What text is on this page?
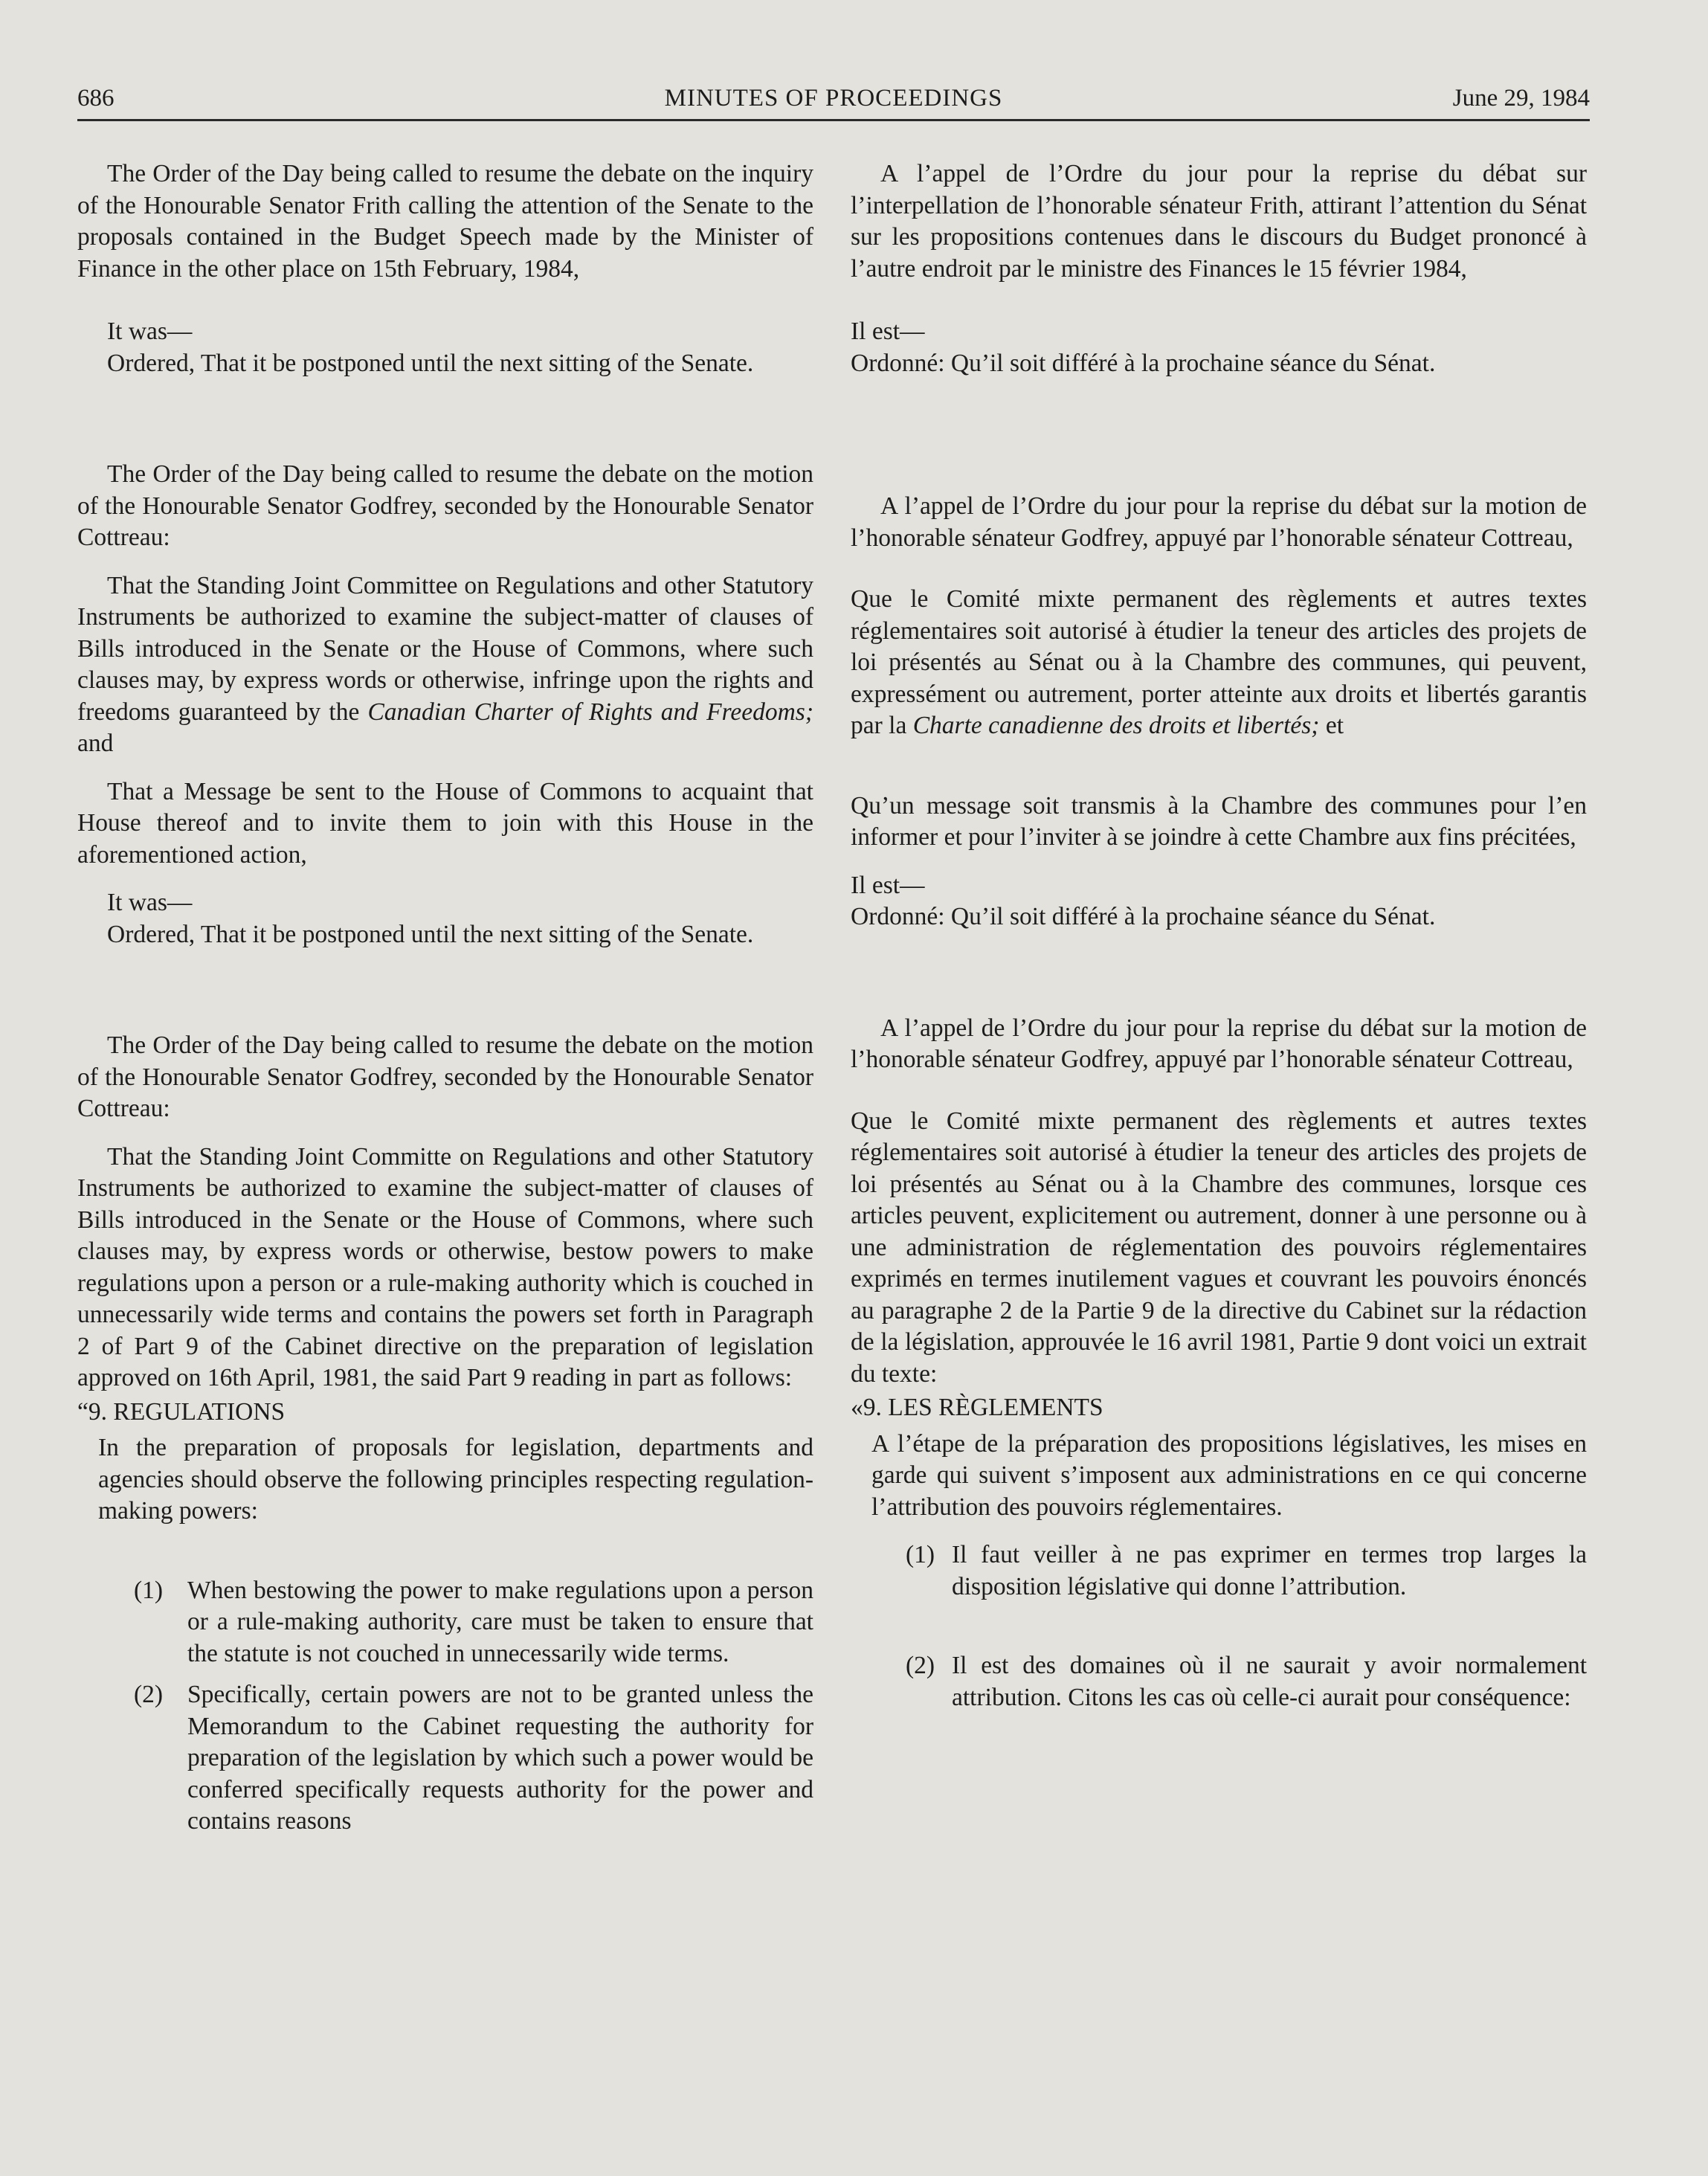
MINUTES OF PROCEEDINGS
686	June 29, 1984

The Order of the Day being called to resume the debate on the inquiry of the Honourable Senator Frith calling the attention of the Senate to the proposals contained in the Budget Speech made by the Minister of Finance in the other place on 15th February, 1984,

It was—

Ordered, That it be postponed until the next sitting of the Senate.

The Order of the Day being called to resume the debate on the motion of the Honourable Senator Godfrey, seconded by the Honourable Senator Cottreau:

That the Standing Joint Committee on Regulations and other Statutory Instruments be authorized to examine the subject-matter of clauses of Bills introduced in the Senate or the House of Commons, where such clauses may, by express words or otherwise, infringe upon the rights and freedoms guaranteed by the Canadian Charter of Rights and Freedoms; and

That a Message be sent to the House of Commons to acquaint that House thereof and to invite them to join with this House in the aforementioned action,

It was—

Ordered, That it be postponed until the next sitting of the Senate.

The Order of the Day being called to resume the debate on the motion of the Honourable Senator Godfrey, seconded by the Honourable Senator Cottreau:

That the Standing Joint Committe on Regulations and other Statutory Instruments be authorized to examine the subject-matter of clauses of Bills introduced in the Senate or the House of Commons, where such clauses may, by express words or otherwise, bestow powers to make regulations upon a person or a rule-making authority which is couched in unnecessarily wide terms and contains the powers set forth in Paragraph 2 of Part 9 of the Cabinet directive on the preparation of legislation approved on 16th April, 1981, the said Part 9 reading in part as follows:

“9. REGULATIONS

In the preparation of proposals for legislation, departments and agencies should observe the following principles respecting regulation-making powers:

(1) When bestowing the power to make regulations upon a person or a rule-making authority, care must be taken to ensure that the statute is not couched in unnecessarily wide terms.
(2) Specifically, certain powers are not to be granted unless the Memorandum to the Cabinet requesting the authority for preparation of the legislation by which such a power would be conferred specifically requests authority for the power and contains reasons

A l’appel de l’Ordre du jour pour la reprise du débat sur l’interpellation de l’honorable sénateur Frith, attirant l’attention du Sénat sur les propositions contenues dans le discours du Budget prononcé à l’autre endroit par le ministre des Finances le 15 février 1984,

Il est—

Ordonné: Qu’il soit différé à la prochaine séance du Sénat.

A l’appel de l’Ordre du jour pour la reprise du débat sur la motion de l’honorable sénateur Godfrey, appuyé par l’honorable sénateur Cottreau,

Que le Comité mixte permanent des règlements et autres textes réglementaires soit autorisé à étudier la teneur des articles des projets de loi présentés au Sénat ou à la Chambre des communes, qui peuvent, expressément ou autrement, porter atteinte aux droits et libertés garantis par la Charte canadienne des droits et libertés; et

Qu’un message soit transmis à la Chambre des communes pour l’en informer et pour l’inviter à se joindre à cette Chambre aux fins précitées,

Il est—

Ordonné: Qu’il soit différé à la prochaine séance du Sénat.

A l’appel de l’Ordre du jour pour la reprise du débat sur la motion de l’honorable sénateur Godfrey, appuyé par l’honorable sénateur Cottreau,

Que le Comité mixte permanent des règlements et autres textes réglementaires soit autorisé à étudier la teneur des articles des projets de loi présentés au Sénat ou à la Chambre des communes, lorsque ces articles peuvent, explicitement ou autrement, donner à une personne ou à une administration de réglementation des pouvoirs réglementaires exprimés en termes inutilement vagues et couvrant les pouvoirs énoncés au paragraphe 2 de la Partie 9 de la directive du Cabinet sur la rédaction de la législation, approuvée le 16 avril 1981, Partie 9 dont voici un extrait du texte:

«9. LES RÈGLEMENTS

A l’étape de la préparation des propositions législatives, les mises en garde qui suivent s’imposent aux administrations en ce qui concerne l’attribution des pouvoirs réglementaires.

(1) Il faut veiller à ne pas exprimer en termes trop larges la disposition législative qui donne l’attribution.
(2) Il est des domaines où il ne saurait y avoir normalement attribution. Citons les cas où celle-ci aurait pour conséquence:
